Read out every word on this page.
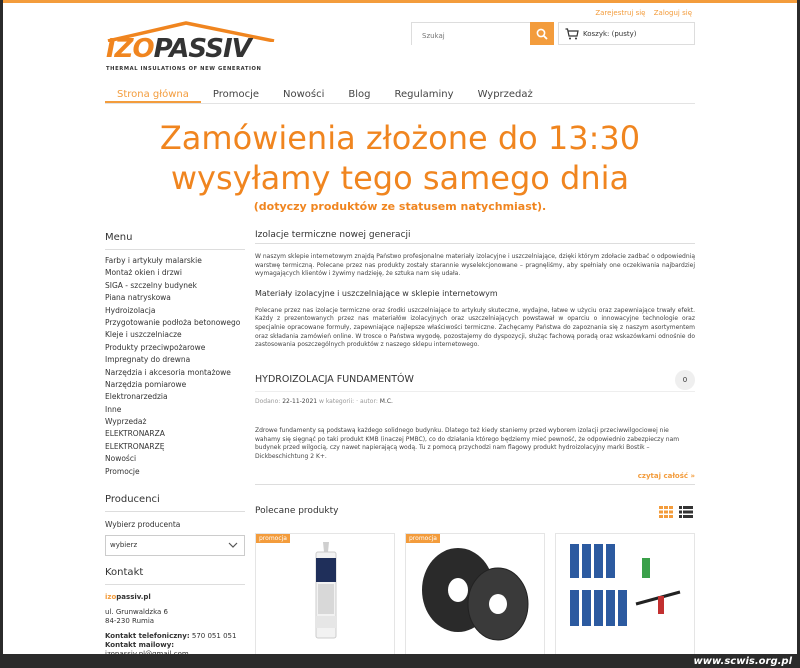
Zarejestruj się Zaloguj się
IZOPASSIV
THERMAL INSULATIONS OF NEW GENERATION
Szukaj
Koszyk: (pusty)
Strona główna	Promocje	Nowości	Blog	Regulaminy	Wyprzedaż
Zamówienia złożone do 13:30
wysyłamy tego samego dnia
(dotyczy produktów ze statusem natychmiast).
Menu
Farby i artykuły malarskie
Montaż okien i drzwi
SIGA - szczelny budynek
Piana natryskowa
Hydroizolacja
Przygotowanie podłoża betonowego
Kleje i uszczelniacze
Produkty przeciwpożarowe
Impregnaty do drewna
Narzędzia i akcesoria montażowe
Narzędzia pomiarowe
Elektronarzedzia
Inne
Wyprzedaż
ELEKTRONARZA
ELEKTRONARZĘ
Nowości
Promocje
Producenci
Wybierz producenta
wybierz
Kontakt
izopassiv.pl
ul. Grunwaldzka 6
84-230 Rumia
Kontakt telefoniczny: 570 051 051
Kontakt mailowy:
Izolacje termiczne nowej generacji
W naszym sklepie internetowym znajdą Państwo profesjonalne materiały izolacyjne i uszczelniające, dzięki którym zdołacie zadbać o odpowiednią warstwę termiczną. Polecane przez nas produkty zostały starannie wyselekcjonowane – pragnęliśmy, aby spełniały one oczekiwania najbardziej wymagających klientów i żywimy nadzieję, że sztuka nam się udała.
Materiały izolacyjne i uszczelniające w sklepie internetowym
Polecane przez nas izolacje termiczne oraz środki uszczelniające to artykuły skuteczne, wydajne, łatwe w użyciu oraz zapewniające trwały efekt. Każdy z prezentowanych przez nas materiałów izolacyjnych oraz uszczelniających powstawał w oparciu o innowacyjne technologie oraz specjalnie opracowane formuły, zapewniające najlepsze właściwości termiczne. Zachęcamy Państwa do zapoznania się z naszym asortymentem oraz składania zamówień online. W trosce o Państwa wygodę, pozostajemy do dyspozycji, służąc fachową poradą oraz wskazówkami odnośnie do zastosowania poszczególnych produktów z naszego sklepu internetowego.
HYDROIZOLACJA FUNDAMENTÓW	0
Dodano: 22-11-2021 w kategorii: · autor: M.C.
Zdrowe fundamenty są podstawą każdego solidnego budynku. Dlatego też kiedy staniemy przed wyborem izolacji przeciwwilgociowej nie wahamy się sięgnąć po taki produkt KMB (inaczej PMBC), co do działania którego będziemy mieć pewność, że odpowiednio zabezpieczy nam budynek przed wilgocią, czy nawet napierającą wodą. Tu z pomocą przychodzi nam flagowy produkt hydroizolacyjny marki Bostik – Dickbeschichtung 2 K+.
czytaj całość »
Polecane produkty
promocja	promocja
www.scwis.org.pl
